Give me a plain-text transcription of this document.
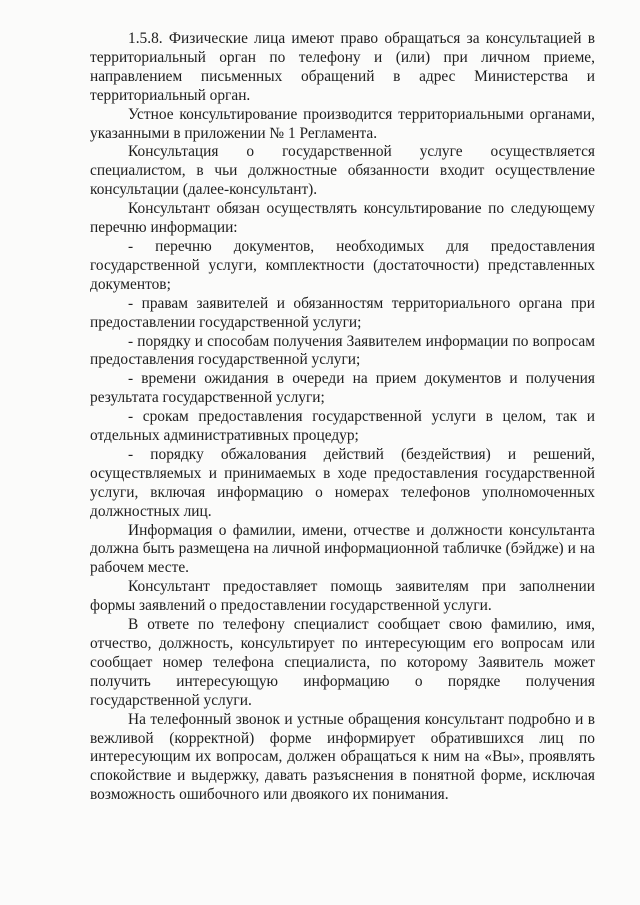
1.5.8. Физические лица имеют право обращаться за консультацией в территориальный орган по телефону и (или) при личном приеме, направлением письменных обращений в адрес Министерства и территориальный орган.

Устное консультирование производится территориальными органами, указанными в приложении № 1 Регламента.

Консультация о государственной услуге осуществляется специалистом, в чьи должностные обязанности входит осуществление консультации (далее-консультант).

Консультант обязан осуществлять консультирование по следующему перечню информации:

- перечню документов, необходимых для предоставления государственной услуги, комплектности (достаточности) представленных документов;

- правам заявителей и обязанностям территориального органа при предоставлении государственной услуги;

- порядку и способам получения Заявителем информации по вопросам предоставления государственной услуги;

- времени ожидания в очереди на прием документов и получения результата государственной услуги;

- срокам предоставления государственной услуги в целом, так и отдельных административных процедур;

- порядку обжалования действий (бездействия) и решений, осуществляемых и принимаемых в ходе предоставления государственной услуги, включая информацию о номерах телефонов уполномоченных должностных лиц.

Информация о фамилии, имени, отчестве и должности консультанта должна быть размещена на личной информационной табличке (бэйдже) и на рабочем месте.

Консультант предоставляет помощь заявителям при заполнении формы заявлений о предоставлении государственной услуги.

В ответе по телефону специалист сообщает свою фамилию, имя, отчество, должность, консультирует по интересующим его вопросам или сообщает номер телефона специалиста, по которому Заявитель может получить интересующую информацию о порядке получения государственной услуги.

На телефонный звонок и устные обращения консультант подробно и в вежливой (корректной) форме информирует обратившихся лиц по интересующим их вопросам, должен обращаться к ним на «Вы», проявлять спокойствие и выдержку, давать разъяснения в понятной форме, исключая возможность ошибочного или двоякого их понимания.
